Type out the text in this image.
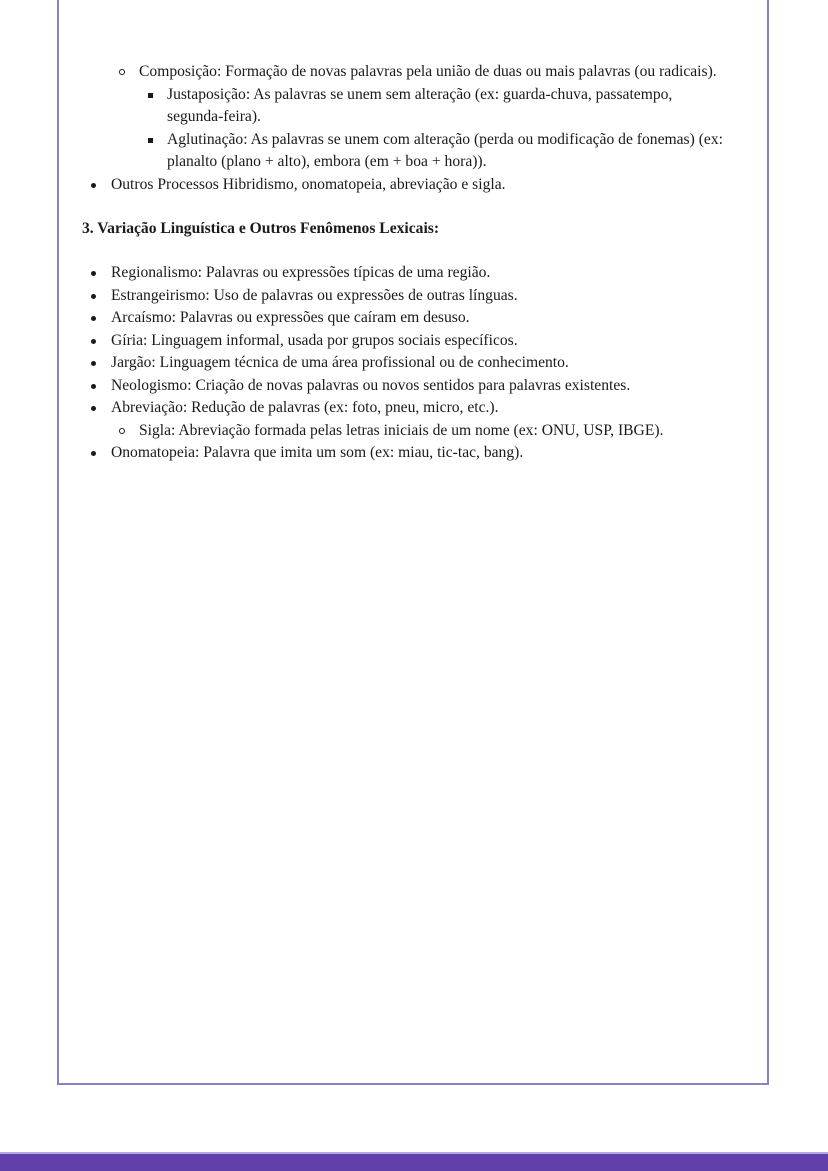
Composição: Formação de novas palavras pela união de duas ou mais palavras (ou radicais).
Justaposição: As palavras se unem sem alteração (ex: guarda-chuva, passatempo, segunda-feira).
Aglutinação: As palavras se unem com alteração (perda ou modificação de fonemas) (ex: planalto (plano + alto), embora (em + boa + hora)).
Outros Processos Hibridismo, onomatopeia, abreviação e sigla.
3. Variação Linguística e Outros Fenômenos Lexicais:
Regionalismo: Palavras ou expressões típicas de uma região.
Estrangeirismo: Uso de palavras ou expressões de outras línguas.
Arcaísmo: Palavras ou expressões que caíram em desuso.
Gíria: Linguagem informal, usada por grupos sociais específicos.
Jargão: Linguagem técnica de uma área profissional ou de conhecimento.
Neologismo: Criação de novas palavras ou novos sentidos para palavras existentes.
Abreviação: Redução de palavras (ex: foto, pneu, micro, etc.).
Sigla: Abreviação formada pelas letras iniciais de um nome (ex: ONU, USP, IBGE).
Onomatopeia: Palavra que imita um som (ex: miau, tic-tac, bang).
